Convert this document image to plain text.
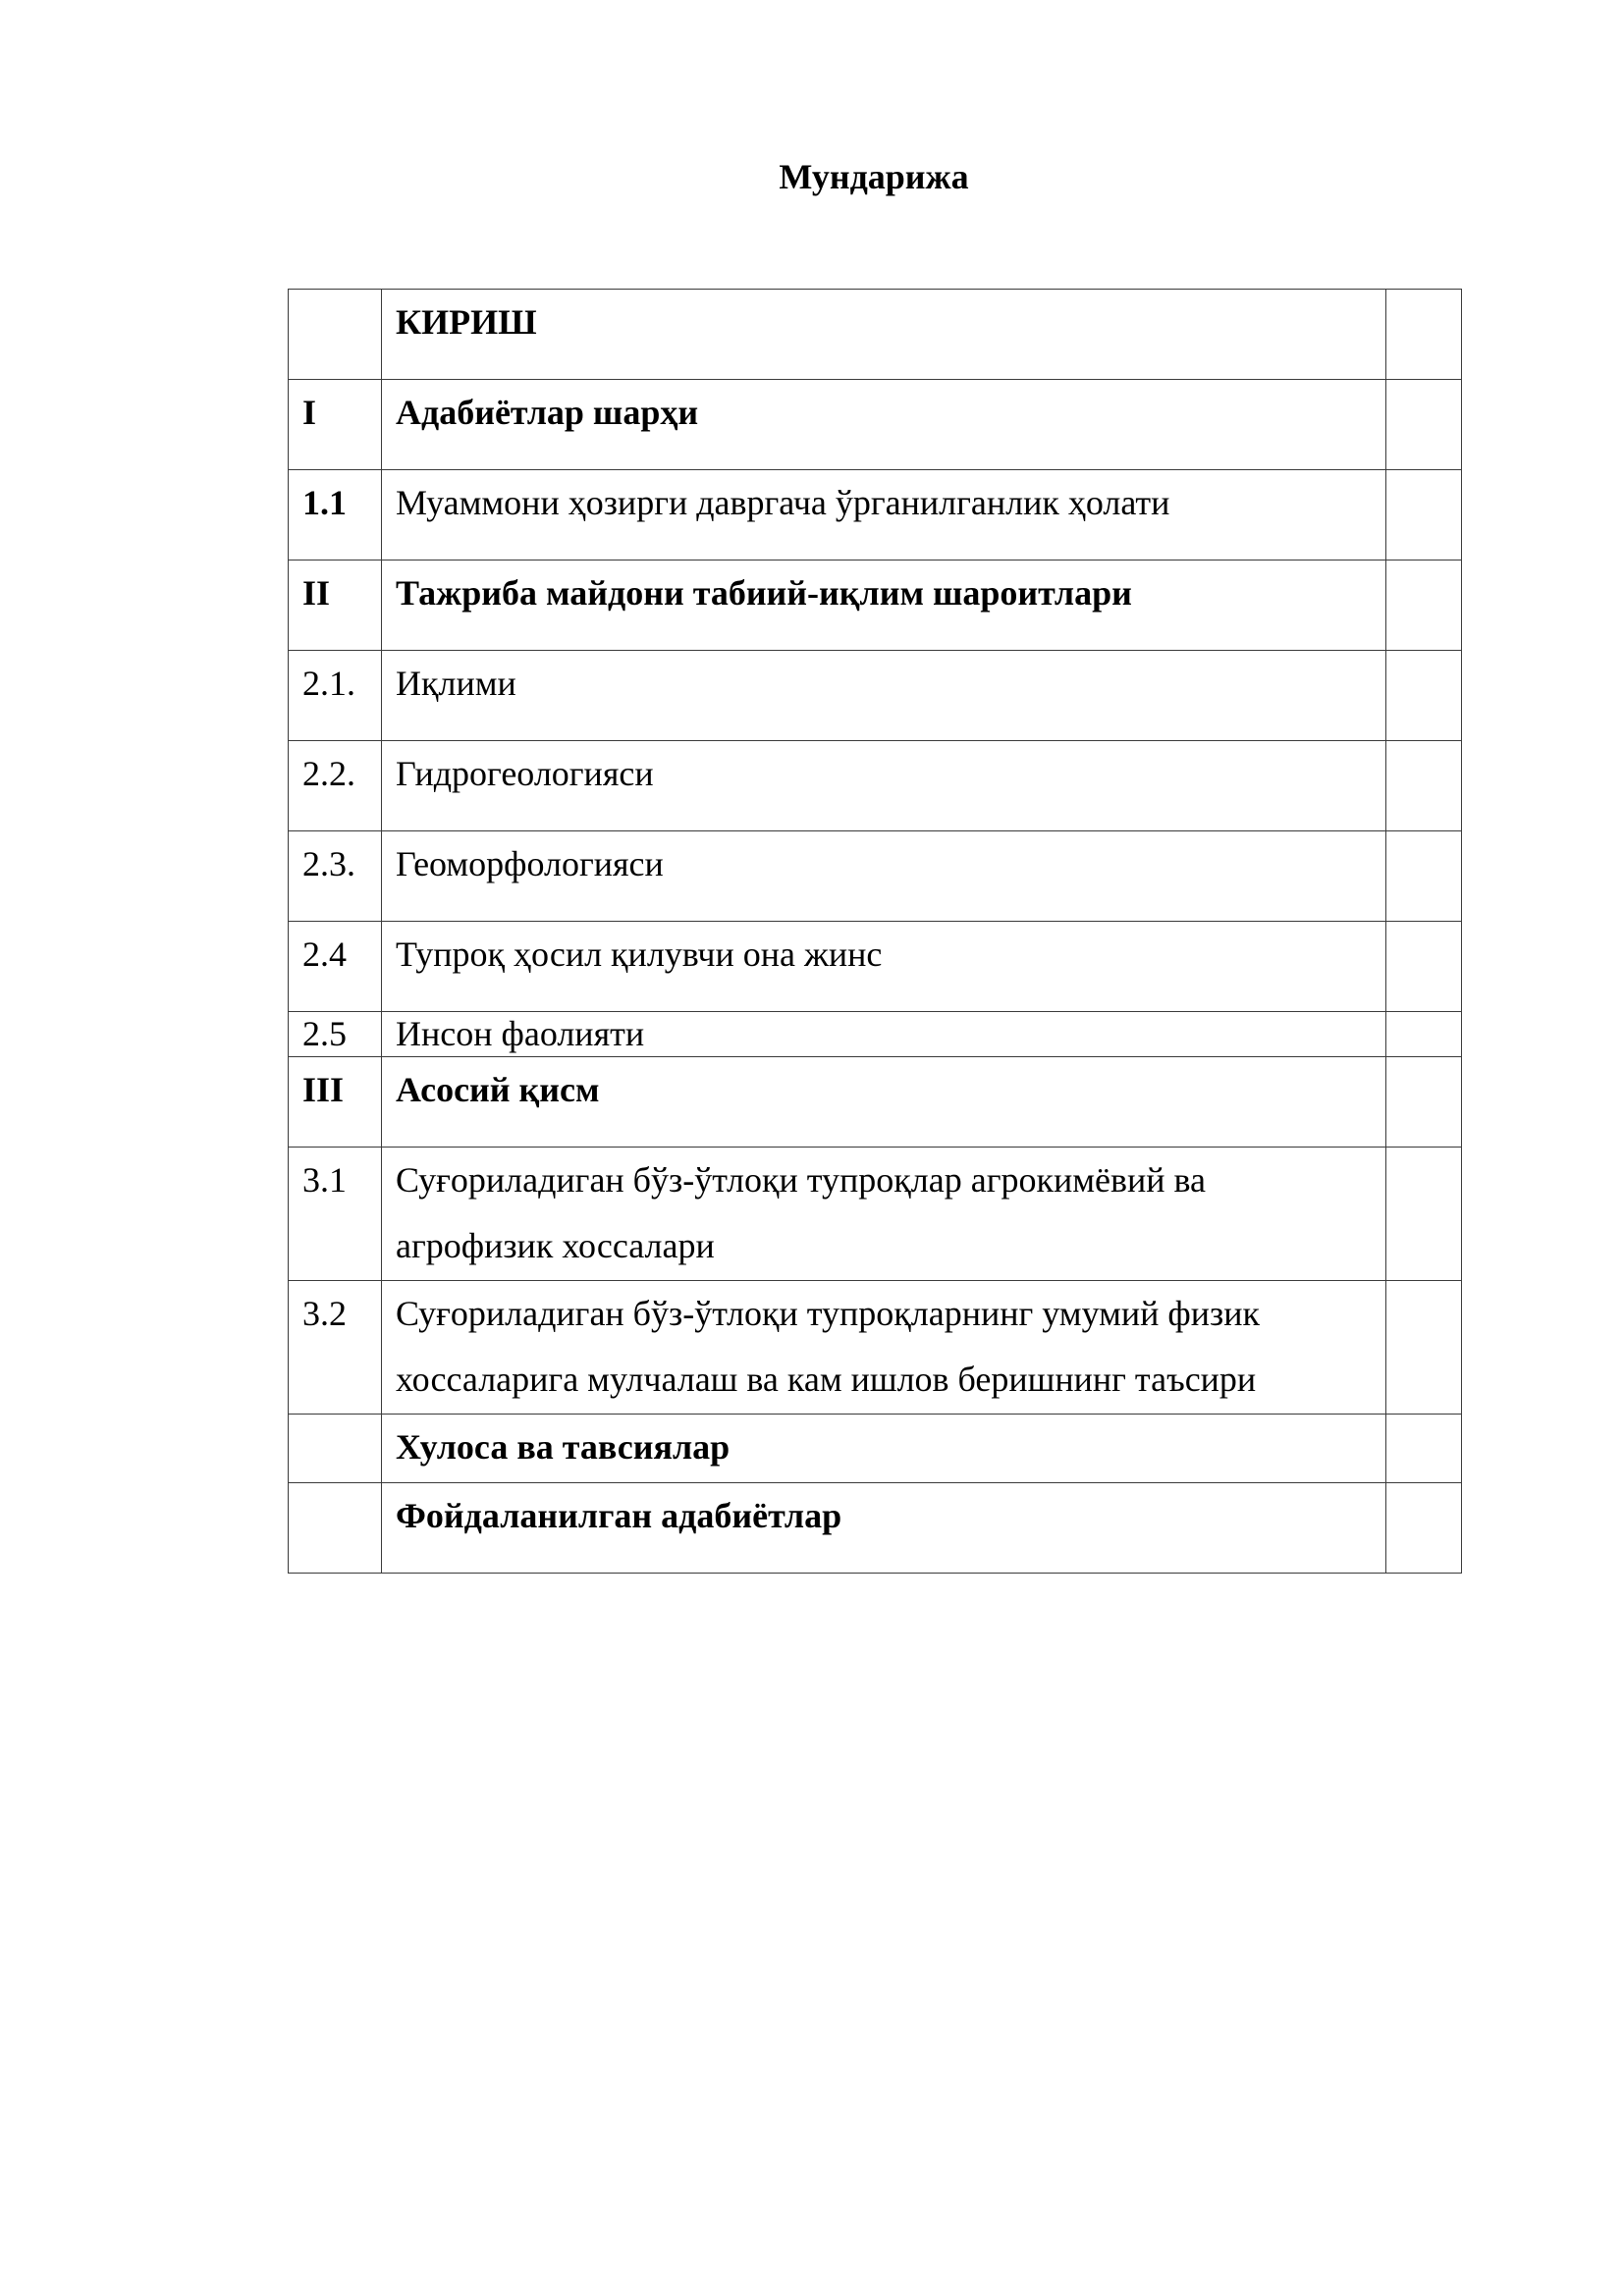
Мундарижа
	КИРИШ	
I	Адабиётлар шарҳи	
1.1	Муаммони ҳозирги давргача ўрганилганлик ҳолати	
II	Тажриба майдони табиий-иқлим шароитлари	
2.1.	Иқлими	
2.2.	Гидрогеологияси	
2.3.	Геоморфологияси	
2.4	Тупроқ ҳосил қилувчи она жинс	
2.5	Инсон фаолияти	
III	Асосий қисм	
3.1	Суғориладиган бўз-ўтлоқи тупроқлар агрокимёвий ва
агрофизик хоссалари	

3.2	Суғориладиган бўз-ўтлоқи тупроқларнинг умумий физик
хоссаларига мулчалаш ва кам ишлов беришнинг таъсири	

	Хулоса ва тавсиялар	
	Фойдаланилган адабиётлар	
